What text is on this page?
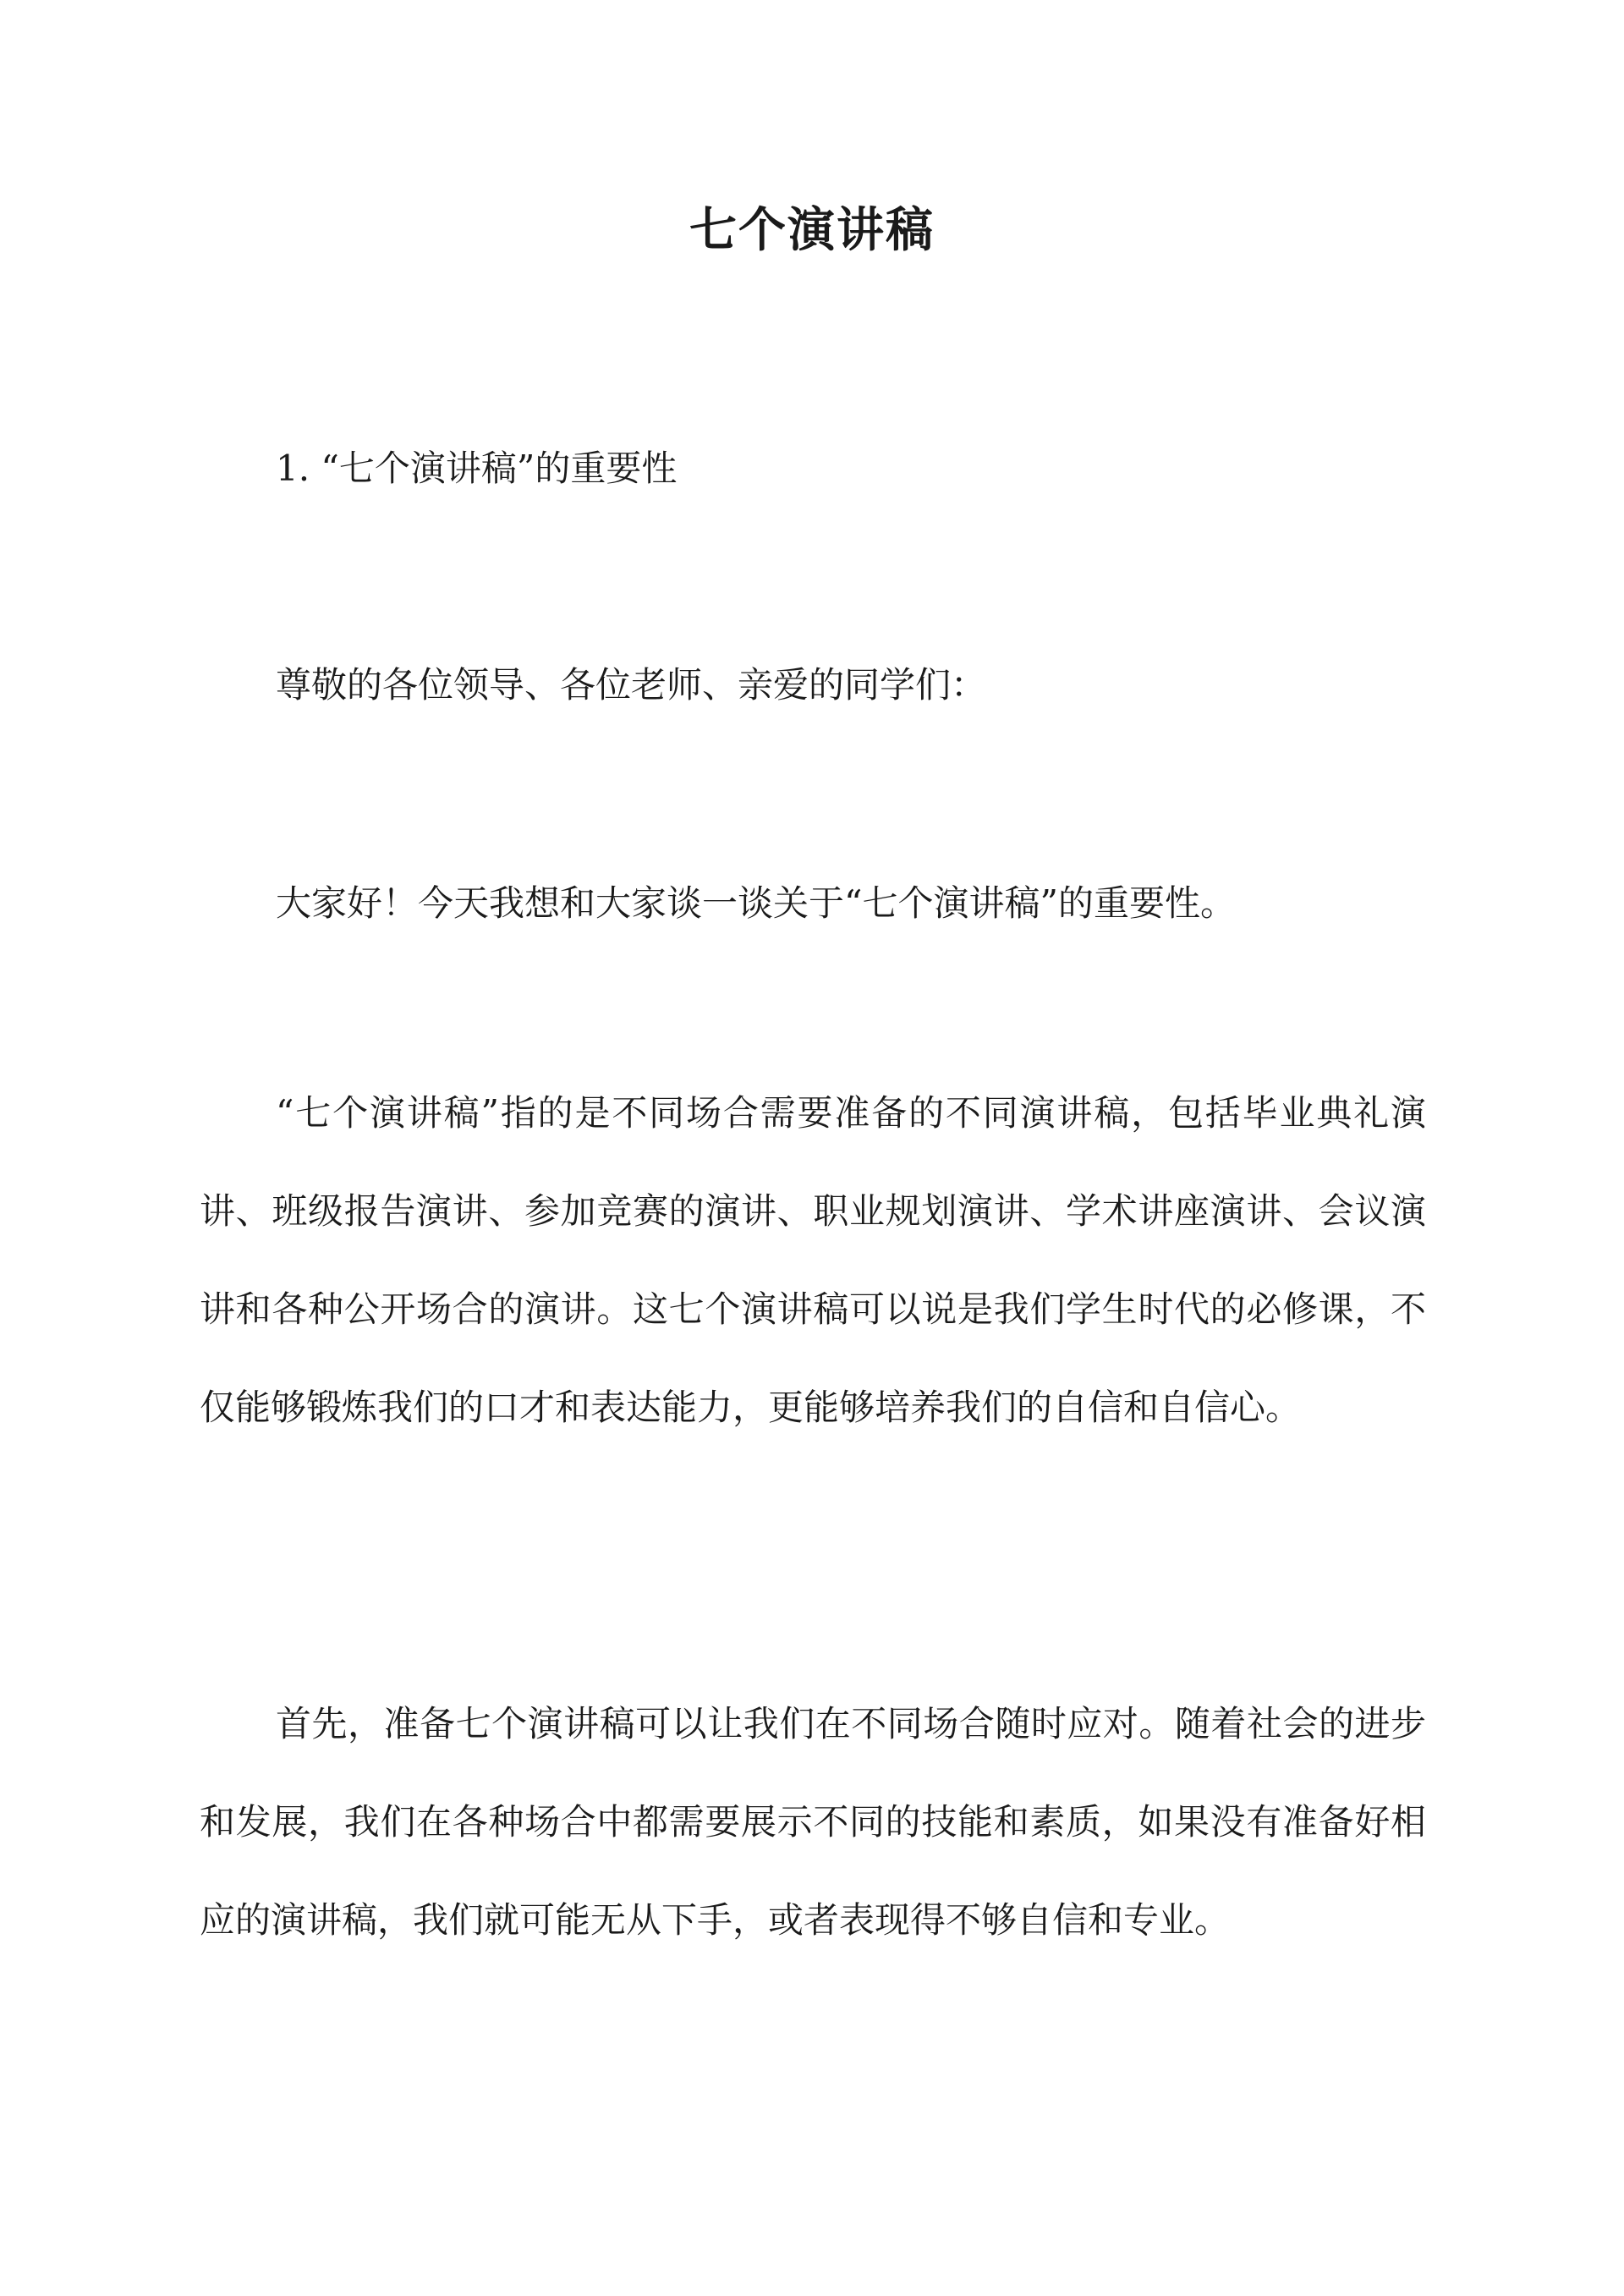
七个演讲稿
1. “七个演讲稿”的重要性
尊敬的各位领导、各位老师、亲爱的同学们：
大家好！今天我想和大家谈一谈关于“七个演讲稿”的重要性。
“七个演讲稿”指的是不同场合需要准备的不同演讲稿，包括毕业典礼演讲、班级报告演讲、参加竞赛的演讲、职业规划演讲、学术讲座演讲、会议演讲和各种公开场合的演讲。这七个演讲稿可以说是我们学生时代的必修课，不仅能够锻炼我们的口才和表达能力，更能够培养我们的自信和自信心。
首先，准备七个演讲稿可以让我们在不同场合随时应对。随着社会的进步和发展，我们在各种场合中都需要展示不同的技能和素质，如果没有准备好相应的演讲稿，我们就可能无从下手，或者表现得不够自信和专业。
